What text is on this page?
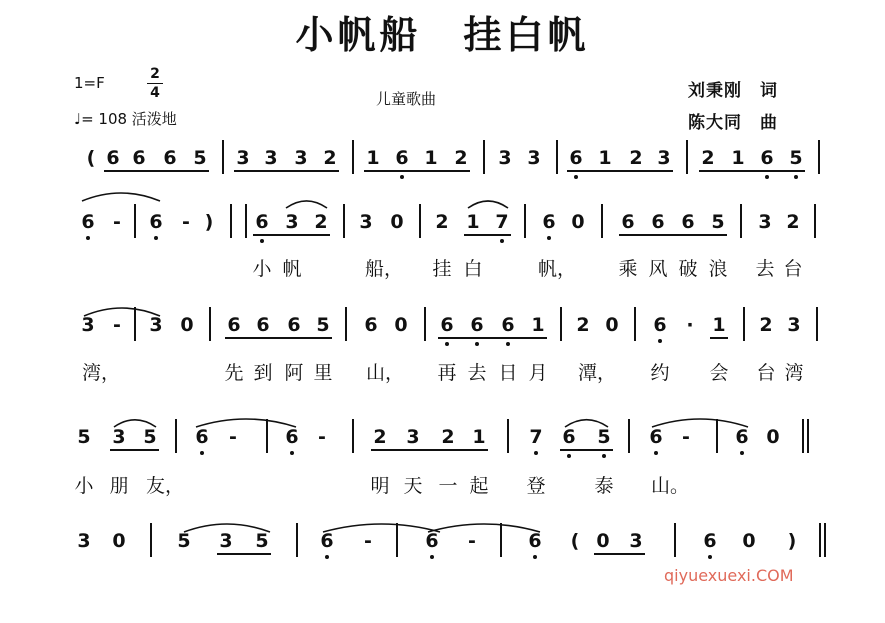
小帆船　挂白帆
1=F	2
4
♩= 108 活泼地
儿童歌曲	刘秉刚　词
陈大同　曲
( 6 6 6 5 3 3 3 2 1 6 1 2 3 3 6 1 2 3 2 1 6 5
6 -	6	- ) 6 3 2 3 0 2 1 7 6 0 6 6 6 5 3 2
3 -	3 0 6 6 6 5 6 0 6 6 6 1 2 0 6	· 1 2 3
5 3 5 6	-	6	-	2 3 2 1 7 6 5 6	-	6 0
3 0	5 3 5	6	-	6	-	6 ( 0 3	6 0 )
小 帆	船，	挂 白	帆，	乘 风 破 浪 去 台
湾，	先 到 阿 里 山，	再 去 日 月 潭，	约 会 台 湾
小 朋 友，	明 天 一 起 登	泰 山。
qiyuexuexi.COM
